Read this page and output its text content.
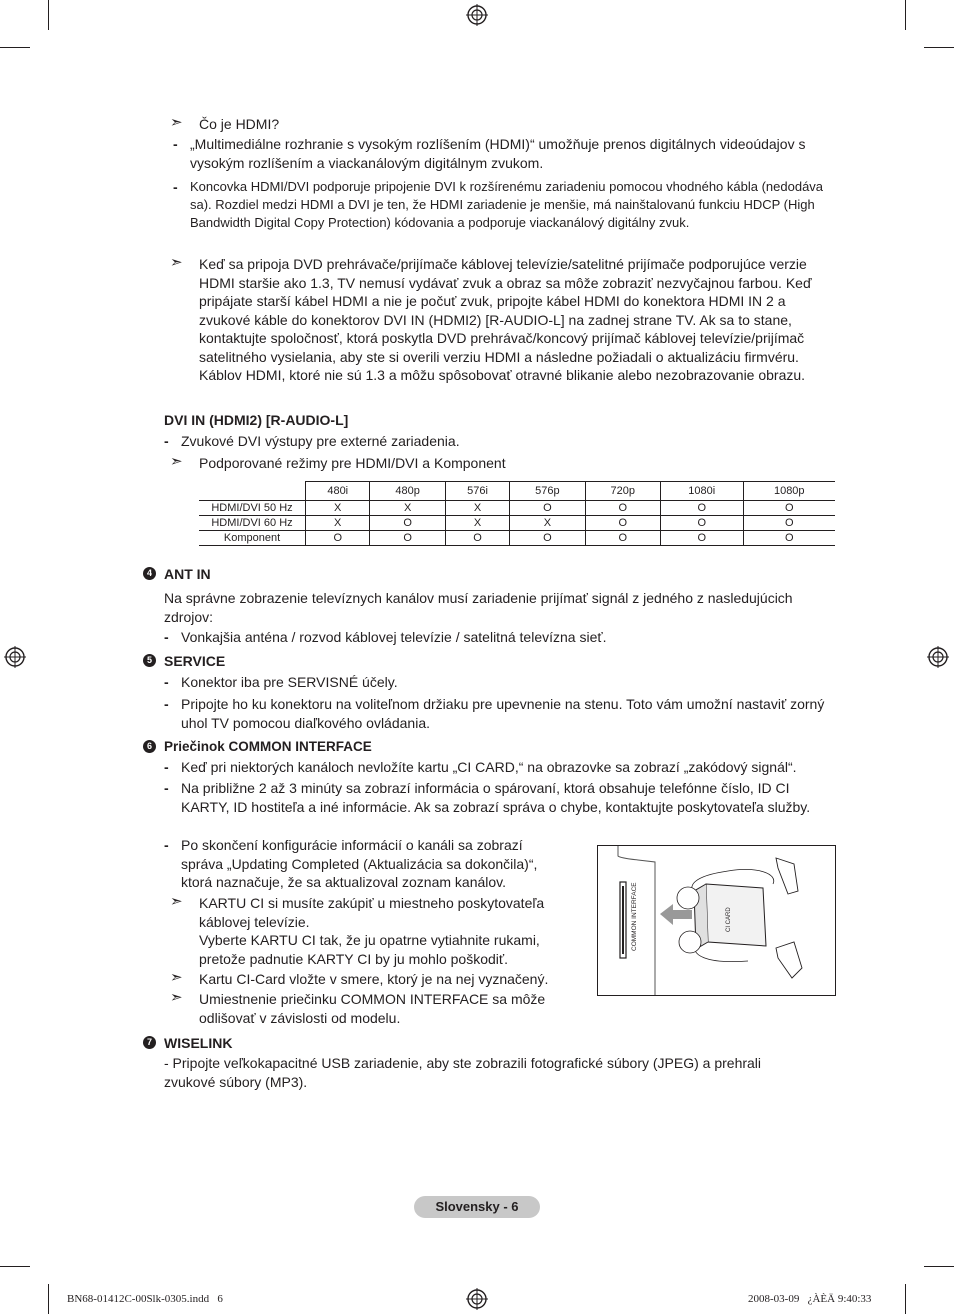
➣ Čo je HDMI?
- „Multimediálne rozhranie s vysokým rozlíšením (HDMI)“ umožňuje prenos digitálnych videoúdajov s vysokým rozlíšením a viackanálovým digitálnym zvukom.
- Koncovka HDMI/DVI podporuje pripojenie DVI k rozšírenému zariadeniu pomocou vhodného kábla (nedodáva sa). Rozdiel medzi HDMI a DVI je ten, že HDMI zariadenie je menšie, má nainštalovanú funkciu HDCP (High Bandwidth Digital Copy Protection) kódovania a podporuje viackanálový digitálny zvuk.
➣ Keď sa pripoja DVD prehrávače/prijímače káblovej televízie/satelitné prijímače podporujúce verzie HDMI staršie ako 1.3, TV nemusí vydávať zvuk a obraz sa môže zobraziť nezvyčajnou farbou. Keď pripájate starší kábel HDMI a nie je počuť zvuk, pripojte kábel HDMI do konektora HDMI IN 2 a zvukové káble do konektorov DVI IN (HDMI2) [R-AUDIO-L] na zadnej strane TV. Ak sa to stane, kontaktujte spoločnosť, ktorá poskytla DVD prehrávač/koncový prijímač káblovej televízie/prijímač satelitného vysielania, aby ste si overili verziu HDMI a následne požiadali o aktualizáciu firmvéru. Káblov HDMI, ktoré nie sú 1.3 a môžu spôsobovať otravné blikanie alebo nezobrazovanie obrazu.
DVI IN (HDMI2) [R-AUDIO-L]
- Zvukové DVI výstupy pre externé zariadenia.
➣ Podporované režimy pre HDMI/DVI a Komponent
	480i	480p	576i	576p	720p	1080i	1080p
HDMI/DVI 50 Hz	X	X	X	O	O	O	O
HDMI/DVI 60 Hz	X	O	X	X	O	O	O
Komponent	O	O	O	O	O	O	O
4 ANT IN
Na správne zobrazenie televíznych kanálov musí zariadenie prijímať signál z jedného z nasledujúcich zdrojov:
- Vonkajšia anténa / rozvod káblovej televízie / satelitná televízna sieť.
5 SERVICE
- Konektor iba pre SERVISNÉ účely.
- Pripojte ho ku konektoru na voliteľnom držiaku pre upevnenie na stenu. Toto vám umožní nastaviť zorný uhol TV pomocou diaľkového ovládania.
6 Priečinok COMMON INTERFACE
- Keď pri niektorých kanáloch nevložíte kartu „CI CARD,“ na obrazovke sa zobrazí „zakódový signál“.
- Na približne 2 až 3 minúty sa zobrazí informácia o spárovaní, ktorá obsahuje telefónne číslo, ID CI KARTY, ID hostiteľa a iné informácie. Ak sa zobrazí správa o chybe, kontaktujte poskytovateľa služby.
- Po skončení konfigurácie informácií o kanáli sa zobrazí správa „Updating Completed (Aktualizácia sa dokončila)“, ktorá naznačuje, že sa aktualizoval zoznam kanálov.
➣ KARTU CI si musíte zakúpiť u miestneho poskytovateľa káblovej televízie.
Vyberte KARTU CI tak, že ju opatrne vytiahnite rukami, pretože padnutie KARTY CI by ju mohlo poškodiť.
➣ Kartu CI-Card vložte v smere, ktorý je na nej vyznačený.
➣ Umiestnenie priečinku COMMON INTERFACE sa môže odlišovať v závislosti od modelu.
COMMON INTERFACE	CI CARD
7 WISELINK
- Pripojte veľkokapacitné USB zariadenie, aby ste zobrazili fotografické súbory (JPEG) a prehrali zvukové súbory (MP3).
Slovensky - 6
BN68-01412C-00Slk-0305.indd   6	2008-03-09   ¿ÀÈÄ 9:40:33
